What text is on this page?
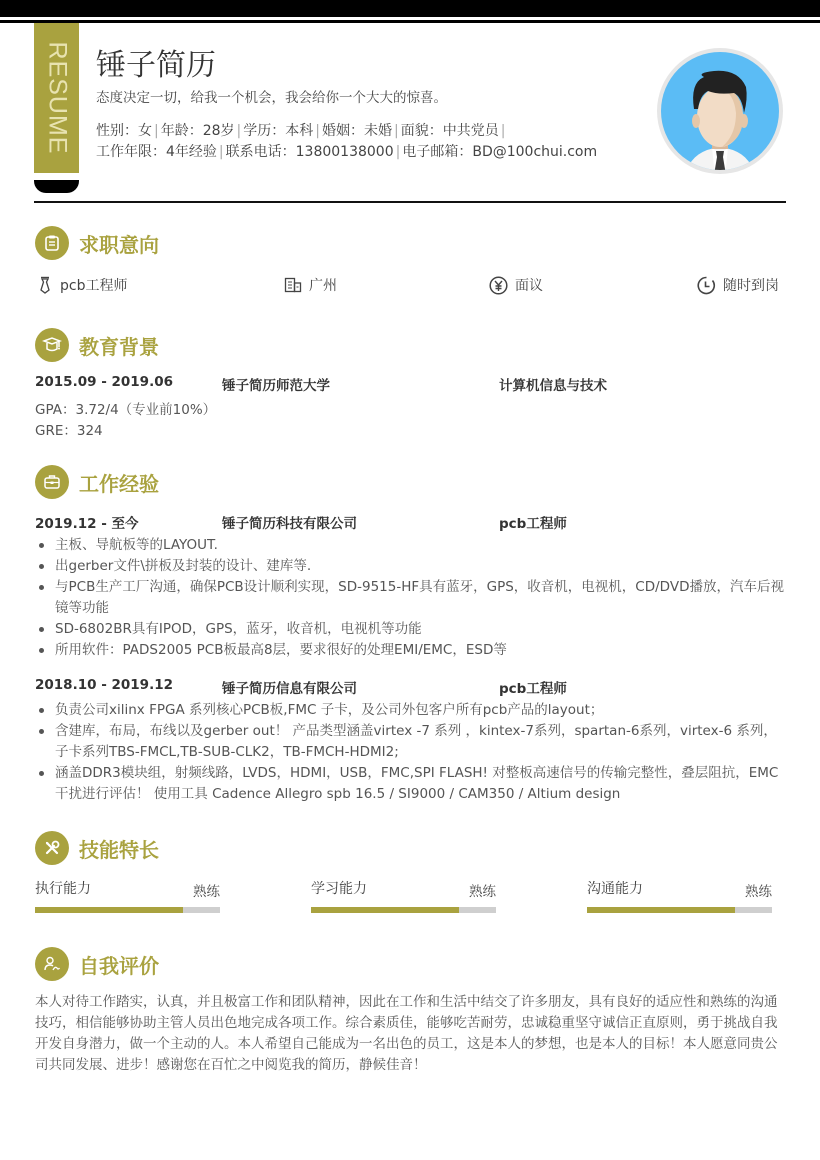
RESUME 锤子简历
态度决定一切，给我一个机会，我会给你一个大大的惊喜。
性别：女 | 年龄：28岁 | 学历：本科 | 婚姻：未婚 | 面貌：中共党员 |
工作年限：4年经验 | 联系电话：13800138000 | 电子邮箱：BD@100chui.com
求职意向
pcb工程师	广州	面议	随时到岗
教育背景
2015.09 - 2019.06	锤子简历师范大学	计算机信息与技术
GPA：3.72/4（专业前10%）
GRE：324
工作经验
2019.12 - 至今	锤子简历科技有限公司	pcb工程师
主板、导航板等的LAYOUT.
出gerber文件\拼板及封装的设计、建库等.
与PCB生产工厂沟通，确保PCB设计顺利实现，SD-9515-HF具有蓝牙，GPS，收音机，电视机，CD/DVD播放，汽车后视镜等功能
SD-6802BR具有IPOD，GPS，蓝牙，收音机，电视机等功能
所用软件：PADS2005 PCB板最高8层，要求很好的处理EMI/EMC，ESD等
2018.10 - 2019.12	锤子简历信息有限公司	pcb工程师
负责公司xilinx FPGA 系列核心PCB板,FMC 子卡，及公司外包客户所有pcb产品的layout；
含建库，布局，布线以及gerber out！ 产品类型涵盖virtex -7 系列 ，kintex-7系列，spartan-6系列，virtex-6 系列，子卡系列TBS-FMCL,TB-SUB-CLK2，TB-FMCH-HDMI2;
涵盖DDR3模块组，射频线路，LVDS，HDMI，USB，FMC,SPI FLASH! 对整板高速信号的传输完整性，叠层阻抗，EMC干扰进行评估！ 使用工具 Cadence Allegro spb 16.5 / SI9000 / CAM350 / Altium design
技能特长
执行能力	熟练	学习能力	熟练	沟通能力	熟练
自我评价
本人对待工作踏实，认真，并且极富工作和团队精神，因此在工作和生活中结交了许多朋友，具有良好的适应性和熟练的沟通技巧，相信能够协助主管人员出色地完成各项工作。综合素质佳，能够吃苦耐劳，忠诚稳重坚守诚信正直原则，勇于挑战自我开发自身潜力，做一个主动的人。本人希望自己能成为一名出色的员工，这是本人的梦想，也是本人的目标！本人愿意同贵公司共同发展、进步！感谢您在百忙之中阅览我的简历，静候佳音！
